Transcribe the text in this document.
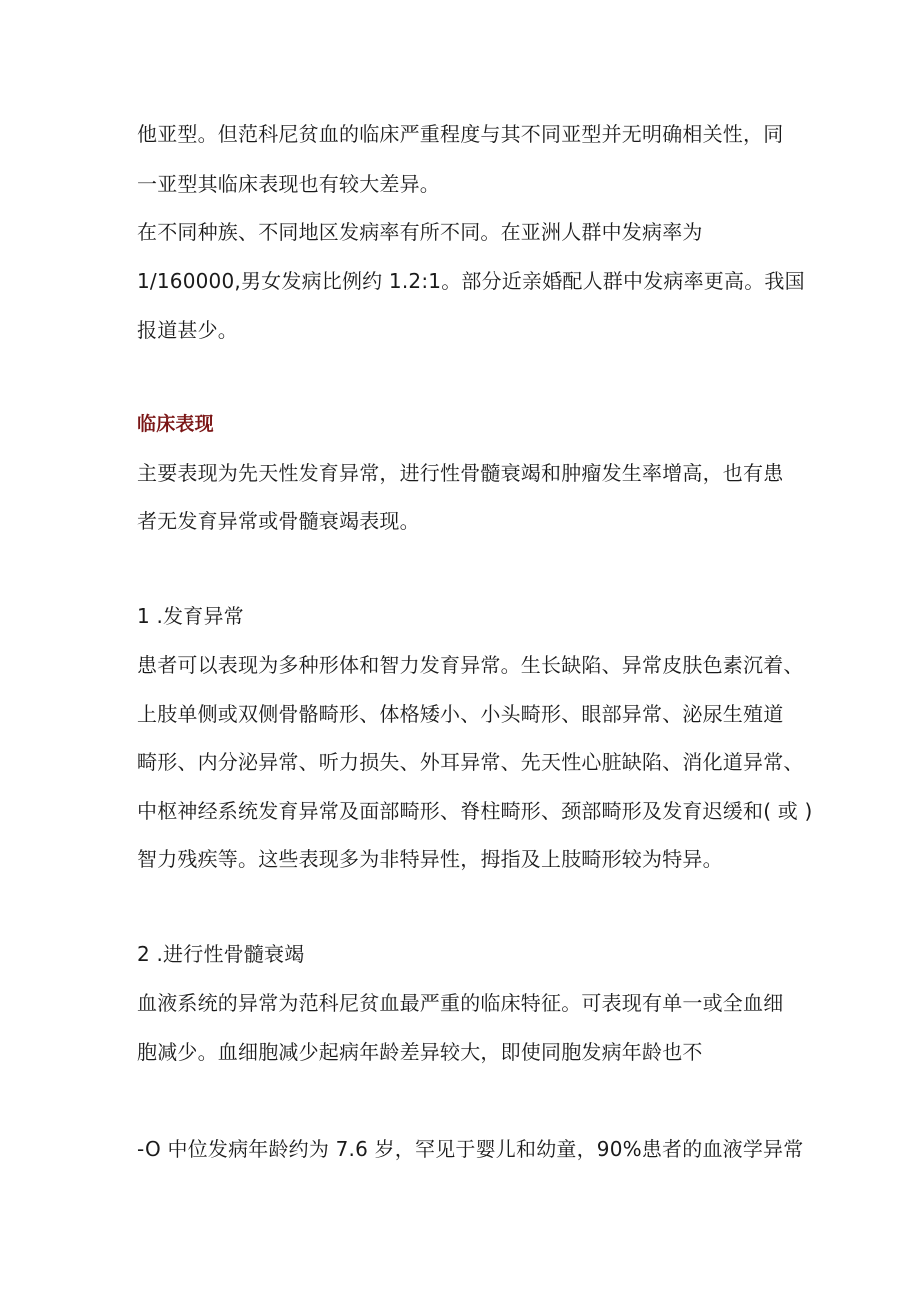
他亚型。但范科尼贫血的临床严重程度与其不同亚型并无明确相关性，同
一亚型其临床表现也有较大差异。
在不同种族、不同地区发病率有所不同。在亚洲人群中发病率为
1/160000,男女发病比例约 1.2:1。部分近亲婚配人群中发病率更高。我国
报道甚少。
临床表现
主要表现为先天性发育异常，进行性骨髓衰竭和肿瘤发生率增高，也有患
者无发育异常或骨髓衰竭表现。
1 .发育异常
患者可以表现为多种形体和智力发育异常。生长缺陷、异常皮肤色素沉着、
上肢单侧或双侧骨骼畸形、体格矮小、小头畸形、眼部异常、泌尿生殖道
畸形、内分泌异常、听力损失、外耳异常、先天性心脏缺陷、消化道异常、
中枢神经系统发育异常及面部畸形、脊柱畸形、颈部畸形及发育迟缓和( 或 )
智力残疾等。这些表现多为非特异性，拇指及上肢畸形较为特异。
2 .进行性骨髓衰竭
血液系统的异常为范科尼贫血最严重的临床特征。可表现有单一或全血细
胞减少。血细胞减少起病年龄差异较大，即使同胞发病年龄也不
-O 中位发病年龄约为 7.6 岁，罕见于婴儿和幼童，90%患者的血液学异常
